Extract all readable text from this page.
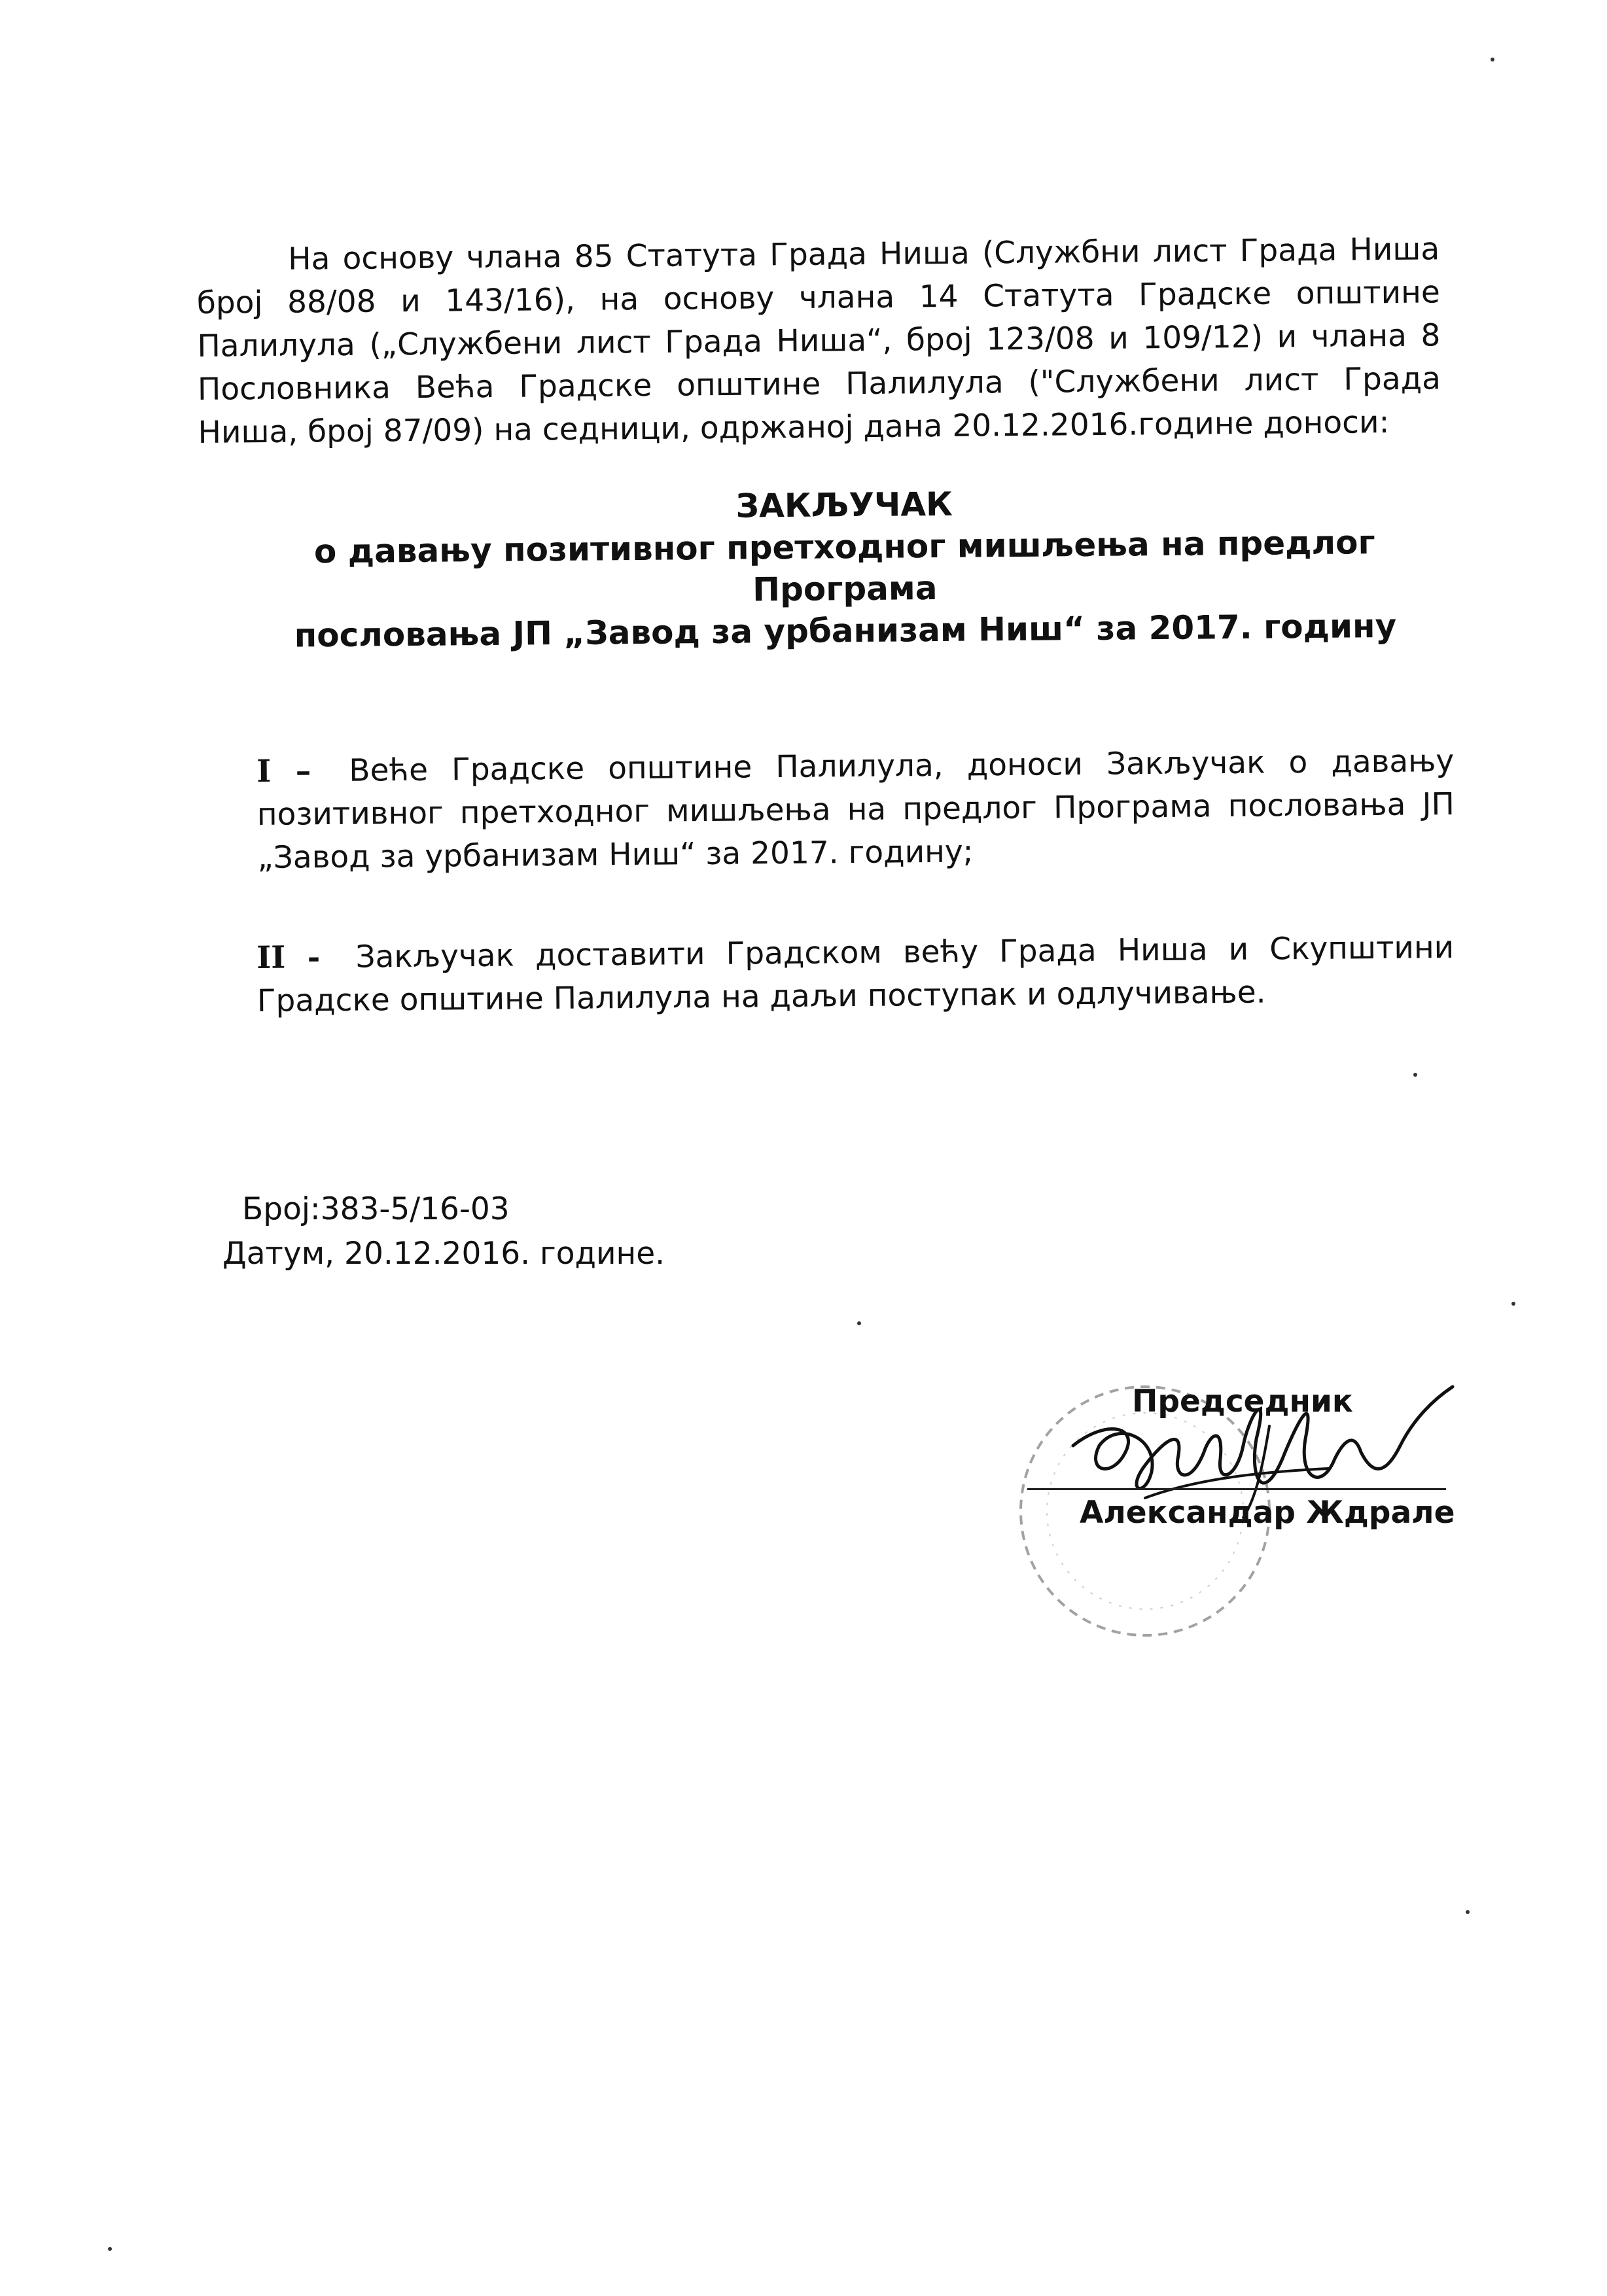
На основу члана 85 Статута Града Ниша (Службни лист Града Ниша број 88/08 и 143/16), на основу члана 14 Статута Градске општине Палилула („Службени лист Града Ниша“, број 123/08 и 109/12) и члана 8 Пословника Већа Градске општине Палилула ("Службени лист Града Ниша, број 87/09) на седници, одржаној дана 20.12.2016.године доноси:

ЗАКЉУЧАК
о давању позитивног претходног мишљења на предлог Програма
пословања ЈП „Завод за урбанизам Ниш“ за 2017. годину

I – Веће Градске општине Палилула, доноси Закључак о давању позитивног претходног мишљења на предлог Програма пословања ЈП „Завод за урбанизам Ниш“ за 2017. годину;

II - Закључак доставити Градском већу Града Ниша и Скупштини Градске општине Палилула на даљи поступак и одлучивање.

Број:383-5/16-03
Датум, 20.12.2016. године.
Председник
Александар Ждрале
